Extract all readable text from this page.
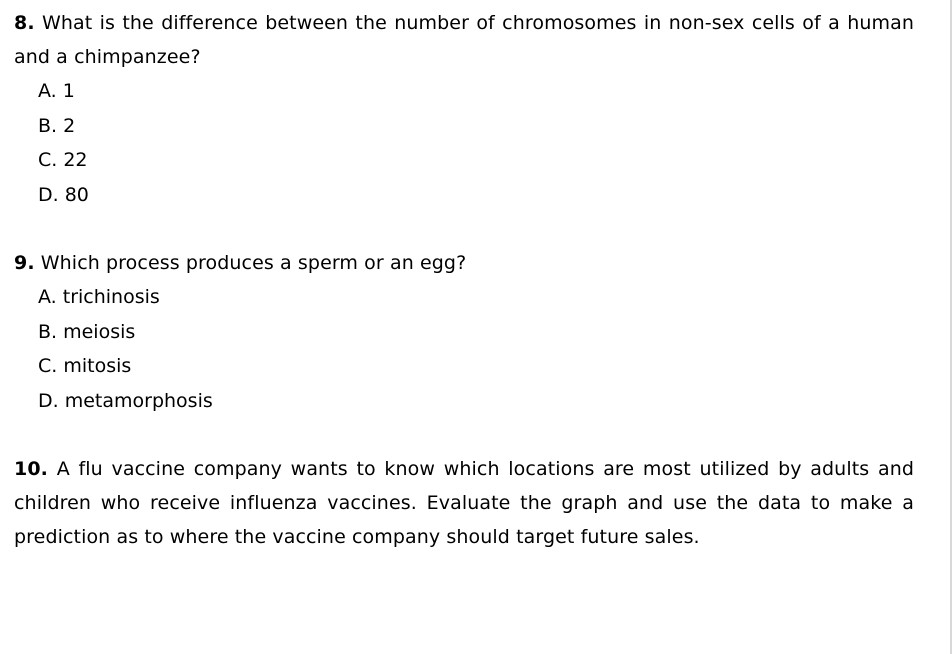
8. What is the difference between the number of chromosomes in non-sex cells of a human and a chimpanzee?

A. 1
B. 2
C. 22
D. 80

9. Which process produces a sperm or an egg?

A. trichinosis
B. meiosis
C. mitosis
D. metamorphosis

10. A flu vaccine company wants to know which locations are most utilized by adults and children who receive influenza vaccines. Evaluate the graph and use the data to make a prediction as to where the vaccine company should target future sales.
